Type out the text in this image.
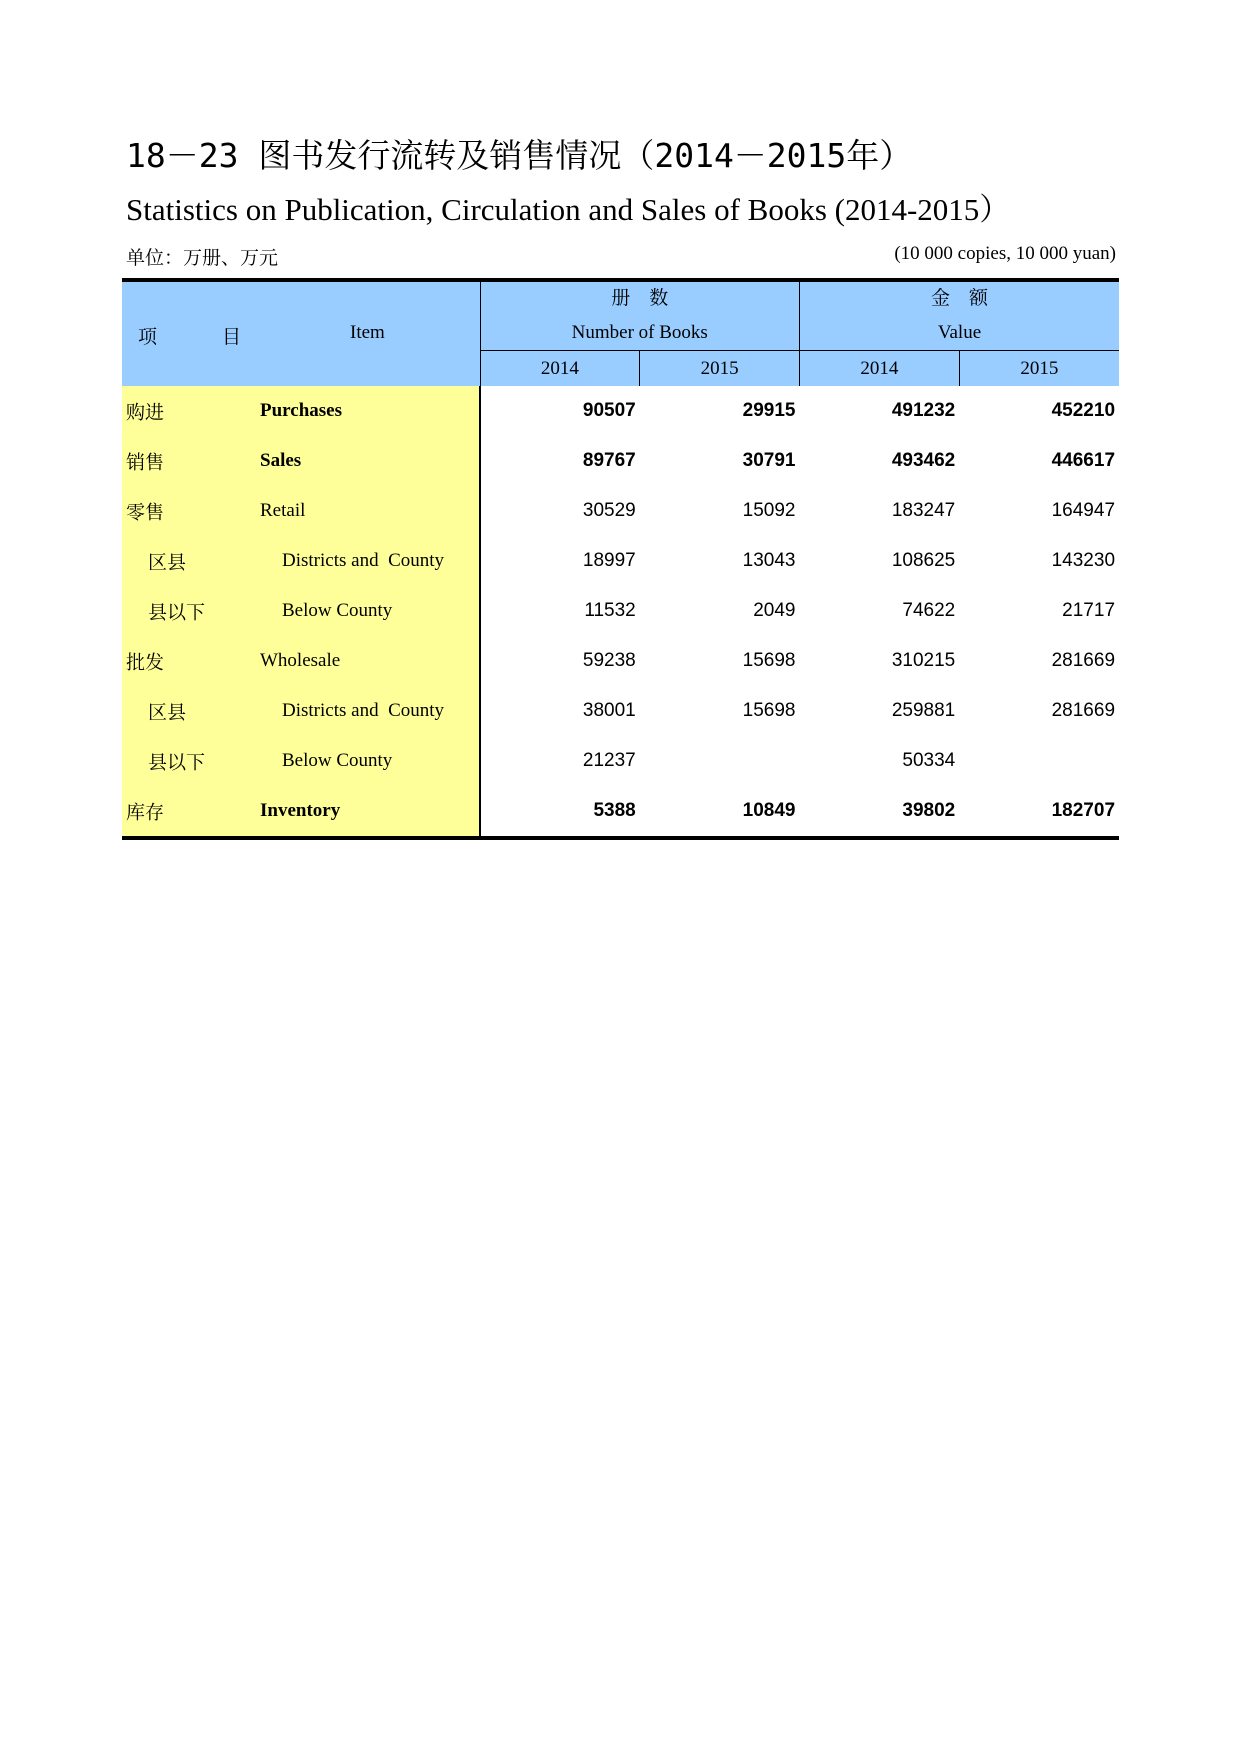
18－23 图书发行流转及销售情况（2014－2015年）
Statistics on Publication, Circulation and Sales of Books (2014-2015）
单位：万册、万元	(10 000 copies, 10 000 yuan)
项 目 Item	册　数
Number of Books		金　额
Value	

	2014	2015	2014	2015

购进 Purchases	90507	29915	491232	452210

销售 Sales	89767	30791	493462	446617

零售 Retail	30529	15092	183247	164947

区县 Districts and  County	18997	13043	108625	143230

县以下 Below County	11532	2049	74622	21717

批发 Wholesale	59238	15698	310215	281669

区县 Districts and  County	38001	15698	259881	281669

县以下 Below County	21237		50334	

库存 Inventory	5388	10849	39802	182707
